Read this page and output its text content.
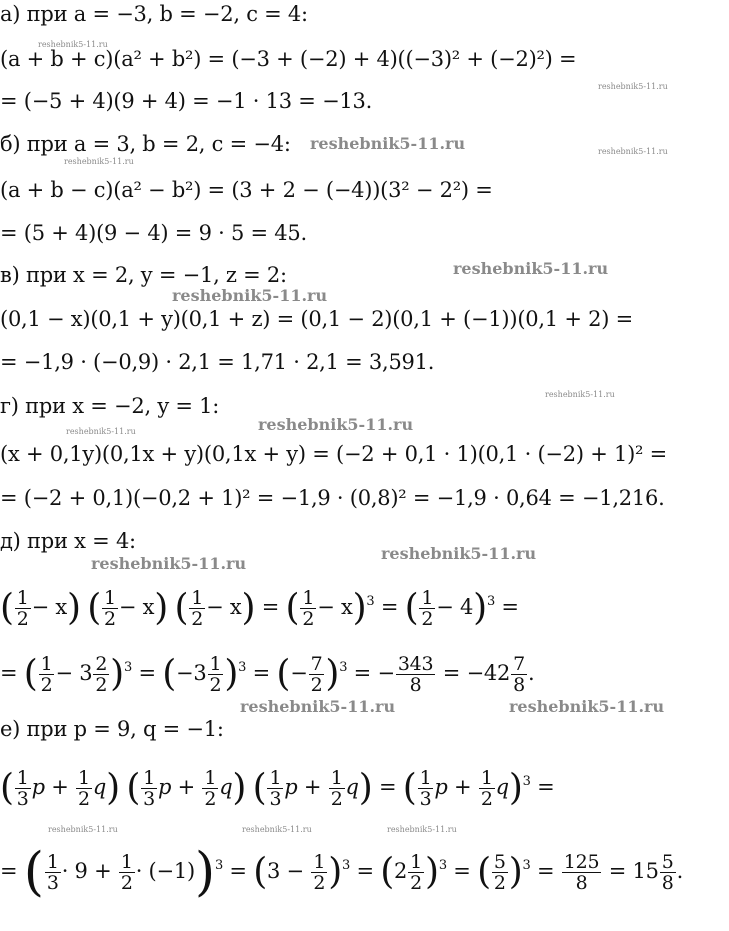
reshebnik5-11.ru
reshebnik5-11.ru
reshebnik5-11.ru
reshebnik5-11.ru
reshebnik5-11.ru
reshebnik5-11.ru
reshebnik5-11.ru	reshebnik5-11.ru
reshebnik5-11.ru
reshebnik5-11.ru
reshebnik5-11.ru
reshebnik5-11.ru
reshebnik5-11.ru
reshebnik5-11.ru
reshebnik5-11.ru	reshebnik5-11.ru	reshebnik5-11.ru
а) при a = −3, b = −2, c = 4:
(a + b + c)(a² + b²) = (−3 + (−2) + 4)((−3)² + (−2)²) =
= (−5 + 4)(9 + 4) = −1 · 13 = −13.
б) при a = 3, b = 2, c = −4:
(a + b − c)(a² − b²) = (3 + 2 − (−4))(3² − 2²) =
= (5 + 4)(9 − 4) = 9 · 5 = 45.
в) при x = 2, y = −1, z = 2:
(0,1 − x)(0,1 + y)(0,1 + z) = (0,1 − 2)(0,1 + (−1))(0,1 + 2) =
= −1,9 · (−0,9) · 2,1 = 1,71 · 2,1 = 3,591.
г) при x = −2, y = 1:
(x + 0,1y)(0,1x + y)(0,1x + y) = (−2 + 0,1 · 1)(0,1 · (−2) + 1)² =
= (−2 + 0,1)(−0,2 + 1)² = −1,9 · (0,8)² = −1,9 · 0,64 = −1,216.
д) при x = 4:
( $\frac{1}{2} - x$) ( $\frac{1}{2} - x$) ( $\frac{1}{2} - x$) = ( $\frac{1}{2} - x)^3$ = ( $\frac{1}{2} - 4)^3$ =
= ( $\frac{1}{2} - 3 \frac{2}{2} )^3 = (-3 \frac{1}{2} )^3$ = (− $\frac{7}{2} )^3$ = − $\frac{343}{8} = -42 \frac{7}{8}$ .
е) при p = 9, q = −1:
( $\frac{1}{3}$ $p + \frac{1}{2} q$) ( $\frac{1}{3}$ $p + \frac{1}{2} q$) ( $\frac{1}{3}$ $p + \frac{1}{2} q$) = ( $\frac{1}{3}$ $p + \frac{1}{2} q)^3$ =
= ( $\frac{1}{3} \cdot 9 + \frac{1}{2} \cdot (-1))^3 = (3 - \frac{1}{2} )^3 = (2 \frac{1}{2} )^3$ = ( $\frac{5}{2} )^3 = \frac{125}{8} = 15 \frac{5}{8}$ .
